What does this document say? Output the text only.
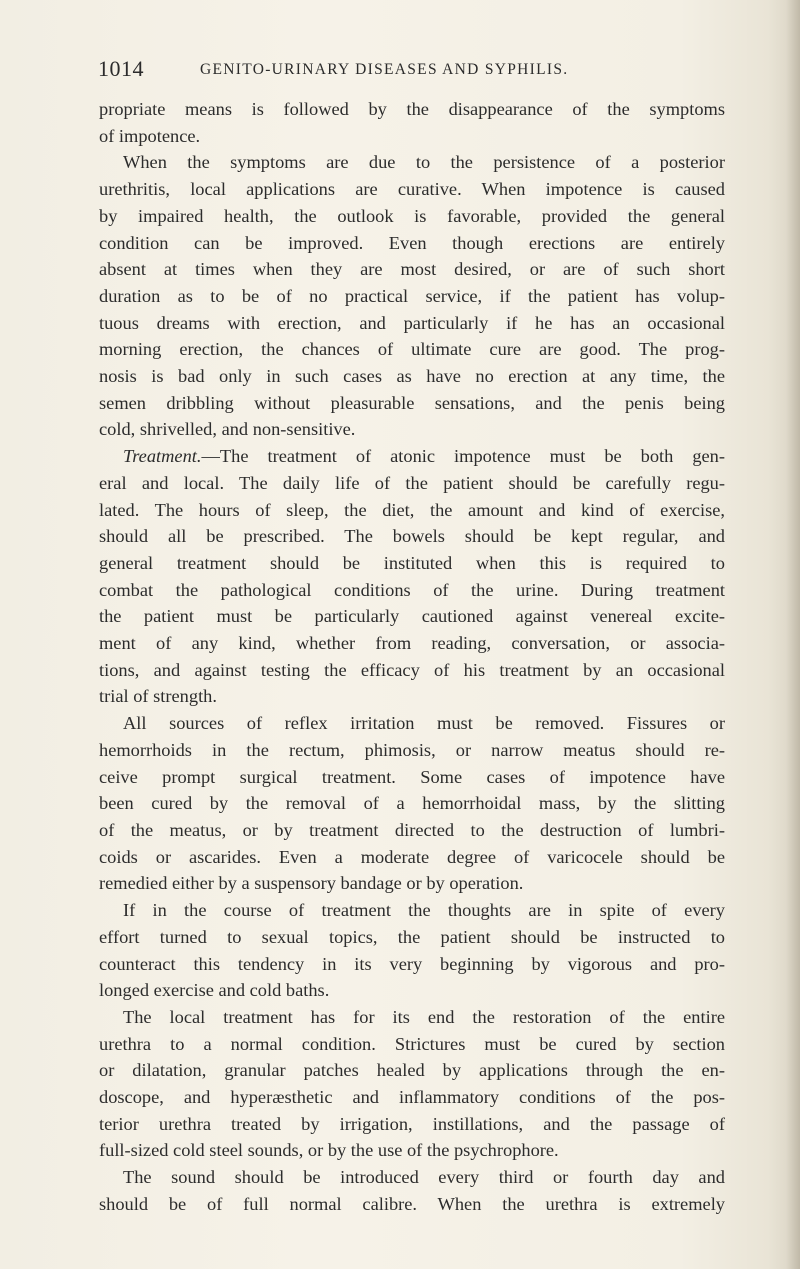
1014	GENITO-URINARY DISEASES AND SYPHILIS.

propriate means is followed by the disappearance of the symptoms

of impotence.

When the symptoms are due to the persistence of a posterior

urethritis, local applications are curative. When impotence is caused

by impaired health, the outlook is favorable, provided the general

condition can be improved. Even though erections are entirely

absent at times when they are most desired, or are of such short

duration as to be of no practical service, if the patient has volup-

tuous dreams with erection, and particularly if he has an occasional

morning erection, the chances of ultimate cure are good. The prog-

nosis is bad only in such cases as have no erection at any time, the

semen dribbling without pleasurable sensations, and the penis being

cold, shrivelled, and non-sensitive.

Treatment.—The treatment of atonic impotence must be both gen-

eral and local. The daily life of the patient should be carefully regu-

lated. The hours of sleep, the diet, the amount and kind of exercise,

should all be prescribed. The bowels should be kept regular, and

general treatment should be instituted when this is required to

combat the pathological conditions of the urine. During treatment

the patient must be particularly cautioned against venereal excite-

ment of any kind, whether from reading, conversation, or associa-

tions, and against testing the efficacy of his treatment by an occasional

trial of strength.

All sources of reflex irritation must be removed. Fissures or

hemorrhoids in the rectum, phimosis, or narrow meatus should re-

ceive prompt surgical treatment. Some cases of impotence have

been cured by the removal of a hemorrhoidal mass, by the slitting

of the meatus, or by treatment directed to the destruction of lumbri-

coids or ascarides. Even a moderate degree of varicocele should be

remedied either by a suspensory bandage or by operation.

If in the course of treatment the thoughts are in spite of every

effort turned to sexual topics, the patient should be instructed to

counteract this tendency in its very beginning by vigorous and pro-

longed exercise and cold baths.

The local treatment has for its end the restoration of the entire

urethra to a normal condition. Strictures must be cured by section

or dilatation, granular patches healed by applications through the en-

doscope, and hyperæsthetic and inflammatory conditions of the pos-

terior urethra treated by irrigation, instillations, and the passage of

full-sized cold steel sounds, or by the use of the psychrophore.

The sound should be introduced every third or fourth day and

should be of full normal calibre. When the urethra is extremely
